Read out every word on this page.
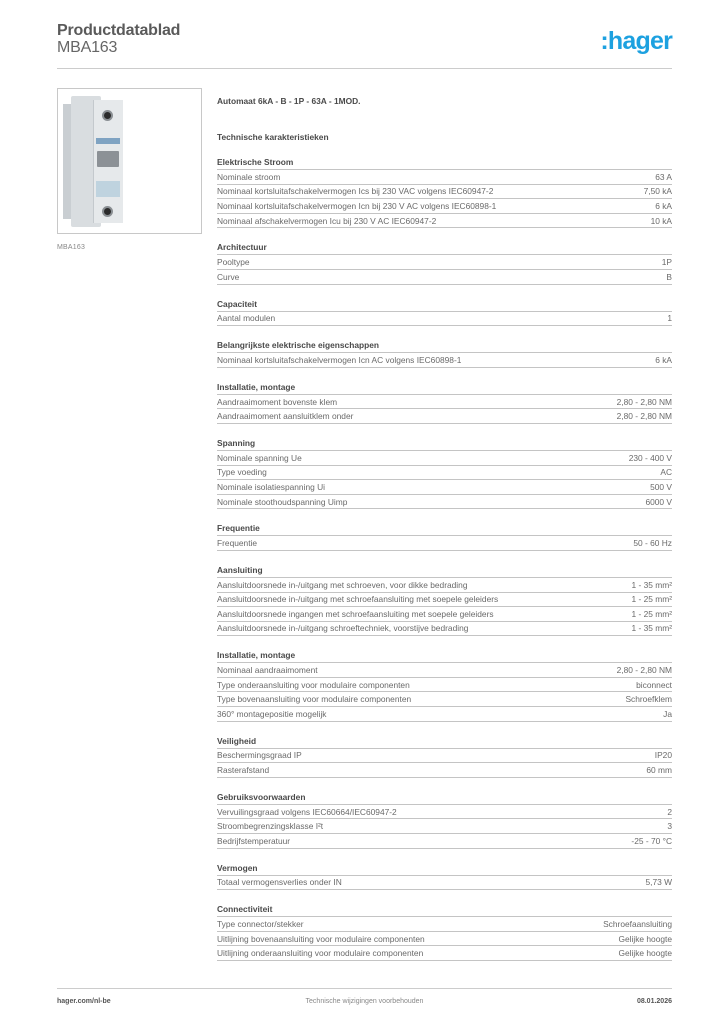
Productdatablad
MBA163	:hager
MBA163
Automaat 6kA - B - 1P - 63A - 1MOD.
Technische karakteristieken
Elektrische Stroom
Nominale stroom	63 A
Nominaal kortsluitafschakelvermogen Ics bij 230 VAC volgens IEC60947-2	7,50 kA
Nominaal kortsluitafschakelvermogen Icn bij 230 V AC volgens IEC60898-1	6 kA
Nominaal afschakelvermogen Icu bij 230 V AC IEC60947-2	10 kA
Architectuur
Pooltype	1P
Curve	B
Capaciteit
Aantal modulen	1
Belangrijkste elektrische eigenschappen
Nominaal kortsluitafschakelvermogen Icn AC volgens IEC60898-1	6 kA
Installatie, montage
Aandraaimoment bovenste klem	2,80 - 2,80 NM
Aandraaimoment aansluitklem onder	2,80 - 2,80 NM
Spanning
Nominale spanning Ue	230 - 400 V
Type voeding	AC
Nominale isolatiespanning Ui	500 V
Nominale stoothoudspanning Uimp	6000 V
Frequentie
Frequentie	50 - 60 Hz
Aansluiting
Aansluitdoorsnede in-/uitgang met schroeven, voor dikke bedrading	1 - 35 mm²
Aansluitdoorsnede in-/uitgang met schroefaansluiting met soepele geleiders	1 - 25 mm²
Aansluitdoorsnede ingangen met schroefaansluiting met soepele geleiders	1 - 25 mm²
Aansluitdoorsnede in-/uitgang schroeftechniek, voorstijve bedrading	1 - 35 mm²
Installatie, montage
Nominaal aandraaimoment	2,80 - 2,80 NM
Type onderaansluiting voor modulaire componenten	biconnect
Type bovenaansluiting voor modulaire componenten	Schroefklem
360° montagepositie mogelijk	Ja
Veiligheid
Beschermingsgraad IP	IP20
Rasterafstand	60 mm
Gebruiksvoorwaarden
Vervuilingsgraad volgens IEC60664/IEC60947-2	2
Stroombegrenzingsklasse I²t	3
Bedrijfstemperatuur	-25 - 70 °C
Vermogen
Totaal vermogensverlies onder IN	5,73 W
Connectiviteit
Type connector/stekker	Schroefaansluiting
Uitlijning bovenaansluiting voor modulaire componenten	Gelijke hoogte
Uitlijning onderaansluiting voor modulaire componenten	Gelijke hoogte
Technische wijzigingen voorbehouden
hager.com/nl-be	08.01.2026
